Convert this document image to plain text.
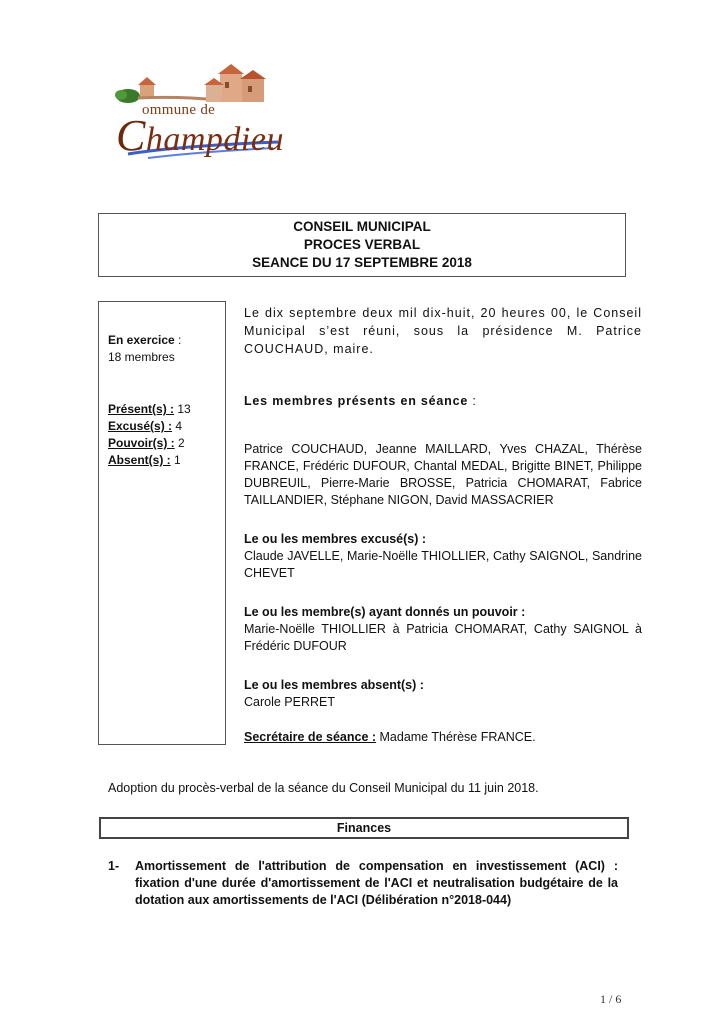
ommune de
Champdieu
CONSEIL MUNICIPAL
PROCES VERBAL
SEANCE DU 17 SEPTEMBRE 2018
En exercice :
18 membres
Présent(s) : 13
Excusé(s) : 4
Pouvoir(s) : 2
Absent(s) : 1
Le dix septembre deux mil dix-huit, 20 heures 00, le Conseil Municipal s’est réuni, sous la présidence M. Patrice COUCHAUD, maire.
Les membres présents en séance :
Patrice COUCHAUD, Jeanne MAILLARD, Yves CHAZAL, Thérèse FRANCE, Frédéric DUFOUR, Chantal MEDAL, Brigitte BINET, Philippe DUBREUIL, Pierre-Marie BROSSE, Patricia CHOMARAT, Fabrice TAILLANDIER, Stéphane NIGON, David MASSACRIER
Le ou les membres excusé(s) :
Claude JAVELLE, Marie-Noëlle THIOLLIER, Cathy SAIGNOL, Sandrine CHEVET
Le ou les membre(s) ayant donnés un pouvoir :
Marie-Noëlle THIOLLIER à Patricia CHOMARAT, Cathy SAIGNOL à Frédéric DUFOUR
Le ou les membres absent(s) :
Carole PERRET
Secrétaire de séance : Madame Thérèse FRANCE.
Adoption du procès-verbal de la séance du Conseil Municipal du 11 juin 2018.
Finances
1-	Amortissement de l'attribution de compensation en investissement (ACI) : fixation d'une durée d'amortissement de l'ACI et neutralisation budgétaire de la dotation aux amortissements de l'ACI (Délibération n°2018-044)
1 / 6
